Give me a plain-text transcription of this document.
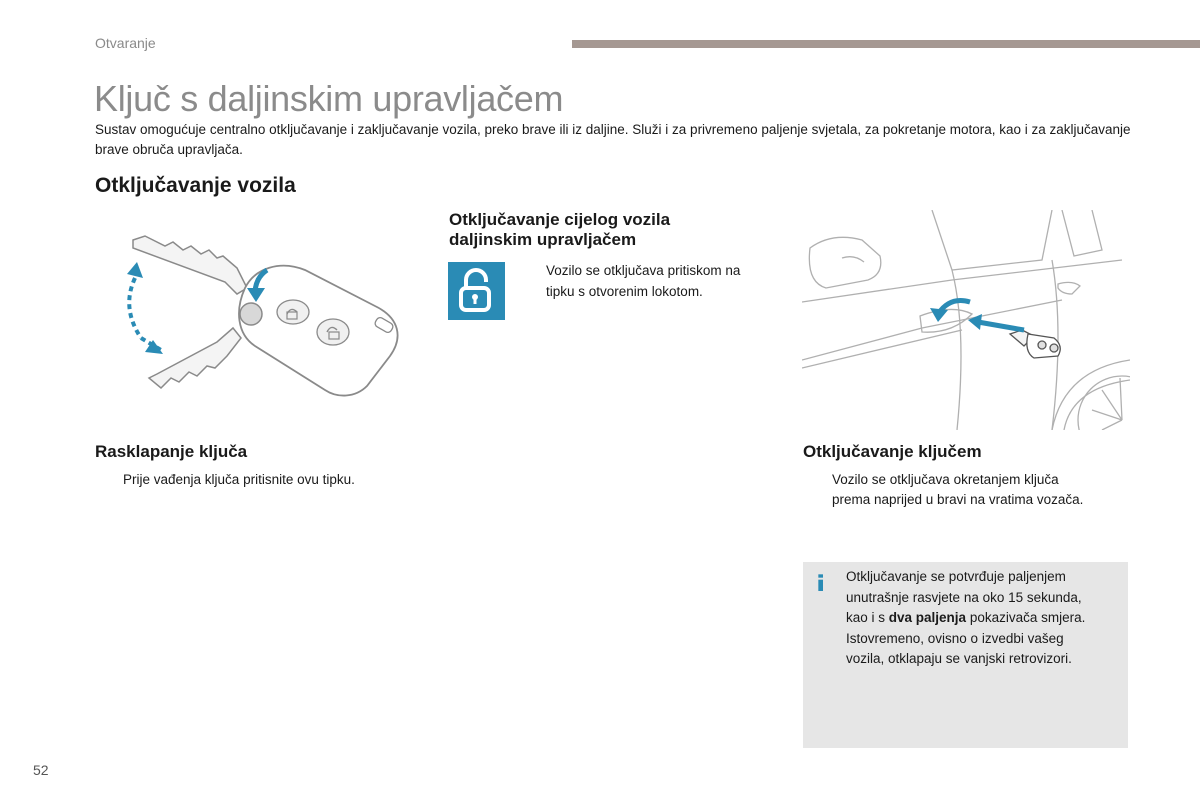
Otvaranje
Ključ s daljinskim upravljačem
Sustav omogućuje centralno otključavanje i zaključavanje vozila, preko brave ili iz daljine. Služi i za privremeno paljenje svjetala, za pokretanje motora, kao i za zaključavanje brave obruča upravljača.
Otključavanje vozila
Otključavanje cijelog vozila
daljinskim upravljačem
Vozilo se otključava pritiskom na
tipku s otvorenim lokotom.
Rasklapanje ključa
Prije vađenja ključa pritisnite ovu tipku.
Otključavanje ključem
Vozilo se otključava okretanjem ključa
prema naprijed u bravi na vratima vozača.
Otključavanje se potvrđuje paljenjem
unutrašnje rasvjete na oko 15 sekunda,
kao i s dva paljenja pokazivača smjera.
Istovremeno, ovisno o izvedbi vašeg
vozila, otklapaju se vanjski retrovizori.
52
